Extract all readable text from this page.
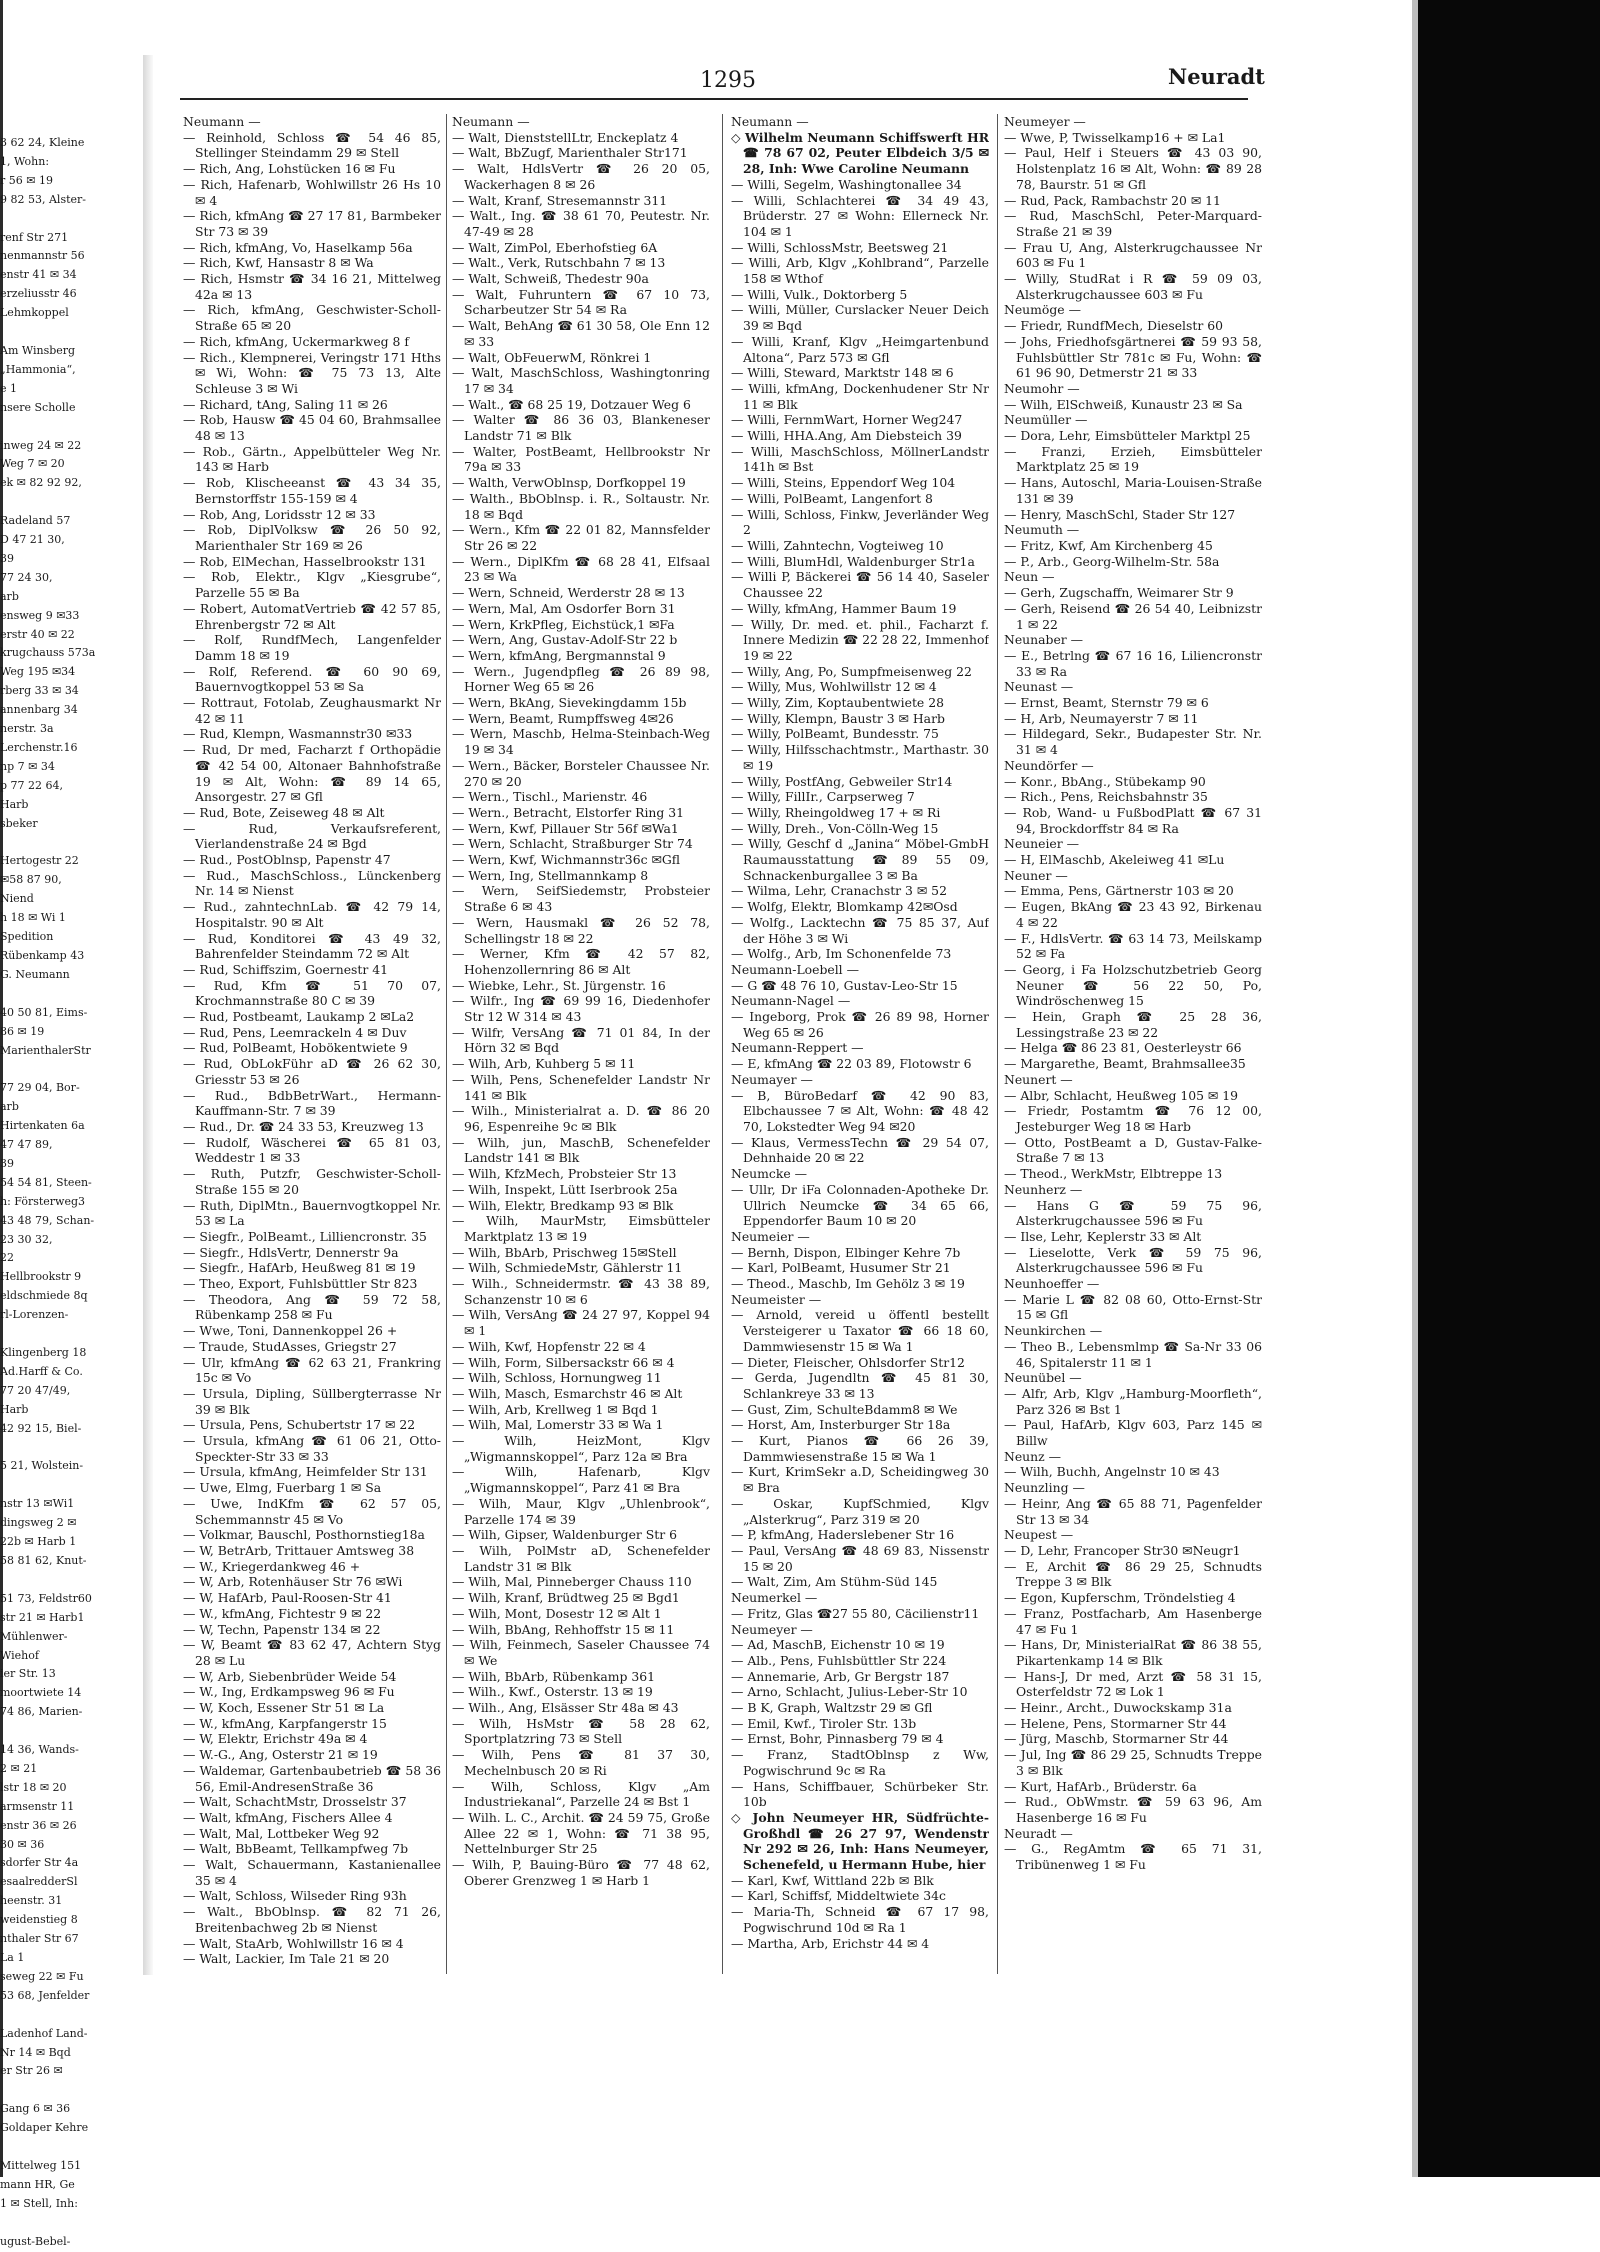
3 62 24, Kleine
1, Wohn:
r 56 ✉ 19
9 82 53, Alster-

renf Str 271
nenmannstr 56
enstr 41 ✉ 34
erzeliusstr 46
Lehmkoppel

Am Winsberg
„Hammonia“,
e 1
nsere Scholle

inweg 24 ✉ 22
Weg 7 ✉ 20
ek ✉ 82 92 92,

Radeland 57
D 47 21 30,
39
77 24 30,
arb
ensweg 9 ✉33
erstr 40 ✉ 22
krugchauss 573a
Weg 195 ✉34
rberg 33 ✉ 34
annenbarg 34
nerstr. 3a
Lerchenstr.16
np 7 ✉ 34
p 77 22 64,
Harb
sbeker

Hertogestr 22
✉58 87 90,
Niend
h 18 ✉ Wi 1
Spedition
Rübenkamp 43
G. Neumann

40 50 81, Eims-
86 ✉ 19
MarienthalerStr

77 29 04, Bor-
arb
Hirtenkaten 6a
47 47 89,
39
54 54 81, Steen-
h: Försterweg3
43 48 79, Schan-
23 30 32,
22
Hellbrookstr 9
eldschmiede 8q
rl-Lorenzen-

Klingenberg 18
Ad.Harff & Co.
77 20 47/49,
Harb
42 92 15, Biel-

5 21, Wolstein-

nstr 13 ✉Wi1
dingsweg 2 ✉
22b ✉ Harb 1
58 81 62, Knut-

51 73, Feldstr60
str 21 ✉ Harb1
Mühlenwer-
Wiehof
ier Str. 13
moortwiete 14
74 86, Marien-

14 36, Wands-
2 ✉ 21
lstr 18 ✉ 20
armsenstr 11
enstr 36 ✉ 26
30 ✉ 36
sdorfer Str 4a
esaalredderSl
heenstr. 31
weidenstieg 8
nthaler Str 67
La 1
seweg 22 ✉ Fu
53 68, Jenfelder

Ladenhof Land-
Nr 14 ✉ Bqd
er Str 26 ✉

Gang 6 ✉ 36
Goldaper Kehre

Mittelweg 151
mann HR, Ge
1 ✉ Stell, Inh:

ugust-Bebel-
1295	Neuradt
Neumann —
— Reinhold, Schloss ☎ 54 46 85, Stellinger Steindamm 29 ✉ Stell
— Rich, Ang, Lohstücken 16 ✉ Fu
— Rich, Hafenarb, Wohlwillstr 26 Hs 10 ✉ 4
— Rich, kfmAng ☎ 27 17 81, Barmbeker Str 73 ✉ 39
— Rich, kfmAng, Vo, Haselkamp 56a
— Rich, Kwf, Hansastr 8 ✉ Wa
— Rich, Hsmstr ☎ 34 16 21, Mittelweg 42a ✉ 13
— Rich, kfmAng, Geschwister-Scholl-Straße 65 ✉ 20
— Rich, kfmAng, Uckermarkweg 8 f
— Rich., Klempnerei, Veringstr 171 Hths ✉ Wi, Wohn: ☎ 75 73 13, Alte Schleuse 3 ✉ Wi
— Richard, tAng, Saling 11 ✉ 26
— Rob, Hausw ☎ 45 04 60, Brahmsallee 48 ✉ 13
— Rob., Gärtn., Appelbütteler Weg Nr. 143 ✉ Harb
— Rob, Klischeeanst ☎ 43 34 35, Bernstorffstr 155-159 ✉ 4
— Rob, Ang, Loridsstr 12 ✉ 33
— Rob, DiplVolksw ☎ 26 50 92, Marienthaler Str 169 ✉ 26
— Rob, ElMechan, Hasselbrookstr 131
— Rob, Elektr., Klgv „Kiesgrube“, Parzelle 55 ✉ Ba
— Robert, AutomatVertrieb ☎ 42 57 85, Ehrenbergstr 72 ✉ Alt
— Rolf, RundfMech, Langenfelder Damm 18 ✉ 19
— Rolf, Referend. ☎ 60 90 69, Bauernvogtkoppel 53 ✉ Sa
— Rottraut, Fotolab, Zeughausmarkt Nr 42 ✉ 11
— Rud, Klempn, Wasmannstr30 ✉33
— Rud, Dr med, Facharzt f Orthopädie ☎ 42 54 00, Altonaer Bahnhofstraße 19 ✉ Alt, Wohn: ☎ 89 14 65, Ansorgestr. 27 ✉ Gfl
— Rud, Bote, Zeiseweg 48 ✉ Alt
— Rud, Verkaufsreferent, Vierlandenstraße 24 ✉ Bgd
— Rud., PostOblnsp, Papenstr 47
— Rud., MaschSchloss., Lünckenberg Nr. 14 ✉ Nienst
— Rud., zahntechnLab. ☎ 42 79 14, Hospitalstr. 90 ✉ Alt
— Rud, Konditorei ☎ 43 49 32, Bahrenfelder Steindamm 72 ✉ Alt
— Rud, Schiffszim, Goernestr 41
— Rud, Kfm ☎ 51 70 07, Krochmannstraße 80 C ✉ 39
— Rud, Postbeamt, Laukamp 2 ✉La2
— Rud, Pens, Leemrackeln 4 ✉ Duv
— Rud, PolBeamt, Hobökentwiete 9
— Rud, ObLokFühr aD ☎ 26 62 30, Griesstr 53 ✉ 26
— Rud., BdbBetrWart., Hermann-Kauffmann-Str. 7 ✉ 39
— Rud., Dr. ☎ 24 33 53, Kreuzweg 13
— Rudolf, Wäscherei ☎ 65 81 03, Weddestr 1 ✉ 33
— Ruth, Putzfr, Geschwister-Scholl-Straße 155 ✉ 20
— Ruth, DiplMtn., Bauernvogtkoppel Nr. 53 ✉ La
— Siegfr., PolBeamt., Lilliencronstr. 35
— Siegfr., HdlsVertr, Dennerstr 9a
— Siegfr., HafArb, Heußweg 81 ✉ 19
— Theo, Export, Fuhlsbüttler Str 823
— Theodora, Ang ☎ 59 72 58, Rübenkamp 258 ✉ Fu
— Wwe, Toni, Dannenkoppel 26 +
— Traude, StudAsses, Griegstr 27
— Ulr, kfmAng ☎ 62 63 21, Frankring 15c ✉ Vo
— Ursula, Dipling, Süllbergterrasse Nr 39 ✉ Blk
— Ursula, Pens, Schubertstr 17 ✉ 22
— Ursula, kfmAng ☎ 61 06 21, Otto-Speckter-Str 33 ✉ 33
— Ursula, kfmAng, Heimfelder Str 131
— Uwe, Elmg, Fuerbarg 1 ✉ Sa
— Uwe, IndKfm ☎ 62 57 05, Schemmannstr 45 ✉ Vo
— Volkmar, Bauschl, Posthornstieg18a
— W, BetrArb, Trittauer Amtsweg 38
— W., Kriegerdankweg 46 +
— W, Arb, Rotenhäuser Str 76 ✉Wi
— W, HafArb, Paul-Roosen-Str 41
— W., kfmAng, Fichtestr 9 ✉ 22
— W, Techn, Papenstr 134 ✉ 22
— W, Beamt ☎ 83 62 47, Achtern Styg 28 ✉ Lu
— W, Arb, Siebenbrüder Weide 54
— W., Ing, Erdkampsweg 96 ✉ Fu
— W, Koch, Essener Str 51 ✉ La
— W., kfmAng, Karpfangerstr 15
— W, Elektr, Erichstr 49a ✉ 4
— W.-G., Ang, Osterstr 21 ✉ 19
— Waldemar, Gartenbaubetrieb ☎ 58 36 56, Emil-AndresenStraße 36
— Walt, SchachtMstr, Drosselstr 37
— Walt, kfmAng, Fischers Allee 4
— Walt, Mal, Lottbeker Weg 92
— Walt, BbBeamt, Tellkampfweg 7b
— Walt, Schauermann, Kastanienallee 35 ✉ 4
— Walt, Schloss, Wilseder Ring 93h
— Walt., BbOblnsp. ☎ 82 71 26, Breitenbachweg 2b ✉ Nienst
— Walt, StaArb, Wohlwillstr 16 ✉ 4
— Walt, Lackier, Im Tale 21 ✉ 20
Neumann —
— Walt, DienststellLtr, Enckeplatz 4
— Walt, BbZugf, Marienthaler Str171
— Walt, HdlsVertr ☎ 26 20 05, Wackerhagen 8 ✉ 26
— Walt, Kranf, Stresemannstr 311
— Walt., Ing. ☎ 38 61 70, Peutestr. Nr. 47-49 ✉ 28
— Walt, ZimPol, Eberhofstieg 6A
— Walt., Verk, Rutschbahn 7 ✉ 13
— Walt, Schweiß, Thedestr 90a
— Walt, Fuhruntern ☎ 67 10 73, Scharbeutzer Str 54 ✉ Ra
— Walt, BehAng ☎ 61 30 58, Ole Enn 12 ✉ 33
— Walt, ObFeuerwM, Rönkrei 1
— Walt, MaschSchloss, Washingtonring 17 ✉ 34
— Walt., ☎ 68 25 19, Dotzauer Weg 6
— Walter ☎ 86 36 03, Blankeneser Landstr 71 ✉ Blk
— Walter, PostBeamt, Hellbrookstr Nr 79a ✉ 33
— Walth, VerwOblnsp, Dorfkoppel 19
— Walth., BbOblnsp. i. R., Soltaustr. Nr. 18 ✉ Bqd
— Wern., Kfm ☎ 22 01 82, Mannsfelder Str 26 ✉ 22
— Wern., DiplKfm ☎ 68 28 41, Elfsaal 23 ✉ Wa
— Wern, Schneid, Werderstr 28 ✉ 13
— Wern, Mal, Am Osdorfer Born 31
— Wern, KrkPfleg, Eichstück,1 ✉Fa
— Wern, Ang, Gustav-Adolf-Str 22 b
— Wern, kfmAng, Bergmannstal 9
— Wern., Jugendpfleg ☎ 26 89 98, Horner Weg 65 ✉ 26
— Wern, BkAng, Sievekingdamm 15b
— Wern, Beamt, Rumpffsweg 4✉26
— Wern, Maschb, Helma-Steinbach-Weg 19 ✉ 34
— Wern., Bäcker, Borsteler Chaussee Nr. 270 ✉ 20
— Wern., Tischl., Marienstr. 46
— Wern., Betracht, Elstorfer Ring 31
— Wern, Kwf, Pillauer Str 56f ✉Wa1
— Wern, Schlacht, Straßburger Str 74
— Wern, Kwf, Wichmannstr36c ✉Gfl
— Wern, Ing, Stellmannkamp 8
— Wern, SeifSiedemstr, Probsteier Straße 6 ✉ 43
— Wern, Hausmakl ☎ 26 52 78, Schellingstr 18 ✉ 22
— Werner, Kfm ☎ 42 57 82, Hohenzollernring 86 ✉ Alt
— Wiebke, Lehr., St. Jürgenstr. 16
— Wilfr., Ing ☎ 69 99 16, Diedenhofer Str 12 W 314 ✉ 43
— Wilfr, VersAng ☎ 71 01 84, In der Hörn 32 ✉ Bqd
— Wilh, Arb, Kuhberg 5 ✉ 11
— Wilh, Pens, Schenefelder Landstr Nr 141 ✉ Blk
— Wilh., Ministerialrat a. D. ☎ 86 20 96, Espenreihe 9c ✉ Blk
— Wilh, jun, MaschB, Schenefelder Landstr 141 ✉ Blk
— Wilh, KfzMech, Probsteier Str 13
— Wilh, Inspekt, Lütt Iserbrook 25a
— Wilh, Elektr, Bredkamp 93 ✉ Blk
— Wilh, MaurMstr, Eimsbütteler Marktplatz 13 ✉ 19
— Wilh, BbArb, Prischweg 15✉Stell
— Wilh, SchmiedeMstr, Gählerstr 11
— Wilh., Schneidermstr. ☎ 43 38 89, Schanzenstr 10 ✉ 6
— Wilh, VersAng ☎ 24 27 97, Koppel 94 ✉ 1
— Wilh, Kwf, Hopfenstr 22 ✉ 4
— Wilh, Form, Silbersackstr 66 ✉ 4
— Wilh, Schloss, Hornungweg 11
— Wilh, Masch, Esmarchstr 46 ✉ Alt
— Wilh, Arb, Krellweg 1 ✉ Bqd 1
— Wilh, Mal, Lomerstr 33 ✉ Wa 1
— Wilh, HeizMont, Klgv „Wigmannskoppel“, Parz 12a ✉ Bra
— Wilh, Hafenarb, Klgv „Wigmannskoppel“, Parz 41 ✉ Bra
— Wilh, Maur, Klgv „Uhlenbrook“, Parzelle 174 ✉ 39
— Wilh, Gipser, Waldenburger Str 6
— Wilh, PolMstr aD, Schenefelder Landstr 31 ✉ Blk
— Wilh, Mal, Pinneberger Chauss 110
— Wilh, Kranf, Brüdtweg 25 ✉ Bgd1
— Wilh, Mont, Dosestr 12 ✉ Alt 1
— Wilh, BbAng, Rehhoffstr 15 ✉ 11
— Wilh, Feinmech, Saseler Chaussee 74 ✉ We
— Wilh, BbArb, Rübenkamp 361
— Wilh., Kwf., Osterstr. 13 ✉ 19
— Wilh., Ang, Elsässer Str 48a ✉ 43
— Wilh, HsMstr ☎ 58 28 62, Sportplatzring 73 ✉ Stell
— Wilh, Pens ☎ 81 37 30, Mechelnbusch 20 ✉ Ri
— Wilh, Schloss, Klgv „Am Industriekanal“, Parzelle 24 ✉ Bst 1
— Wilh. L. C., Archit. ☎ 24 59 75, Große Allee 22 ✉ 1, Wohn: ☎ 71 38 95, Nettelnburger Str 25
— Wilh, P, Bauing-Büro ☎ 77 48 62, Oberer Grenzweg 1 ✉ Harb 1
Neumann —
◇ Wilhelm Neumann Schiffswerft HR ☎ 78 67 02, Peuter Elbdeich 3/5 ✉ 28, Inh: Wwe Caroline Neumann
— Willi, Segelm, Washingtonallee 34
— Willi, Schlachterei ☎ 34 49 43, Brüderstr. 27 ✉ Wohn: Ellerneck Nr. 104 ✉ 1
— Willi, SchlossMstr, Beetsweg 21
— Willi, Arb, Klgv „Kohlbrand“, Parzelle 158 ✉ Wthof
— Willi, Vulk., Doktorberg 5
— Willi, Müller, Curslacker Neuer Deich 39 ✉ Bqd
— Willi, Kranf, Klgv „Heimgartenbund Altona“, Parz 573 ✉ Gfl
— Willi, Steward, Marktstr 148 ✉ 6
— Willi, kfmAng, Dockenhudener Str Nr 11 ✉ Blk
— Willi, FernmWart, Horner Weg247
— Willi, HHA.Ang, Am Diebsteich 39
— Willi, MaschSchloss, MöllnerLandstr 141h ✉ Bst
— Willi, Steins, Eppendorf Weg 104
— Willi, PolBeamt, Langenfort 8
— Willi, Schloss, Finkw, Jeverländer Weg 2
— Willi, Zahntechn, Vogteiweg 10
— Willi, BlumHdl, Waldenburger Str1a
— Willi P, Bäckerei ☎ 56 14 40, Saseler Chaussee 22
— Willy, kfmAng, Hammer Baum 19
— Willy, Dr. med. et. phil., Facharzt f. Innere Medizin ☎ 22 28 22, Immenhof 19 ✉ 22
— Willy, Ang, Po, Sumpfmeisenweg 22
— Willy, Mus, Wohlwillstr 12 ✉ 4
— Willy, Zim, Koptaubentwiete 28
— Willy, Klempn, Baustr 3 ✉ Harb
— Willy, PolBeamt, Bundesstr. 75
— Willy, Hilfsschachtmstr., Marthastr. 30 ✉ 19
— Willy, PostfAng, Gebweiler Str14
— Willy, FillIr., Carpserweg 7
— Willy, Rheingoldweg 17 + ✉ Ri
— Willy, Dreh., Von-Cölln-Weg 15
— Willy, Geschf d „Janina“ Möbel-GmbH Raumausstattung ☎89 55 09, Schnackenburgallee 3 ✉ Ba
— Wilma, Lehr, Cranachstr 3 ✉ 52
— Wolfg, Elektr, Blomkamp 42✉Osd
— Wolfg., Lacktechn ☎ 75 85 37, Auf der Höhe 3 ✉ Wi
— Wolfg., Arb, Im Schonenfelde 73
Neumann-Loebell —
— G ☎ 48 76 10, Gustav-Leo-Str 15
Neumann-Nagel —
— Ingeborg, Prok ☎ 26 89 98, Horner Weg 65 ✉ 26
Neumann-Reppert —
— E, kfmAng ☎ 22 03 89, Flotowstr 6
Neumayer —
— B, BüroBedarf ☎ 42 90 83, Elbchaussee 7 ✉ Alt, Wohn: ☎ 48 42 70, Lokstedter Weg 94 ✉20
— Klaus, VermessTechn ☎ 29 54 07, Dehnhaide 20 ✉ 22
Neumcke —
— Ullr, Dr iFa Colonnaden-Apotheke Dr. Ullrich Neumcke ☎ 34 65 66, Eppendorfer Baum 10 ✉ 20
Neumeier —
— Bernh, Dispon, Elbinger Kehre 7b
— Karl, PolBeamt, Husumer Str 21
— Theod., Maschb, Im Gehölz 3 ✉ 19
Neumeister —
— Arnold, vereid u öffentl bestellt Versteigerer u Taxator ☎ 66 18 60, Dammwiesenstr 15 ✉ Wa 1
— Dieter, Fleischer, Ohlsdorfer Str12
— Gerda, Jugendltn ☎ 45 81 30, Schlankreye 33 ✉ 13
— Gust, Zim, SchulteBdamm8 ✉ We
— Horst, Am, Insterburger Str 18a
— Kurt, Pianos ☎ 66 26 39, Dammwiesenstraße 15 ✉ Wa 1
— Kurt, KrimSekr a.D, Scheidingweg 30 ✉ Bra
— Oskar, KupfSchmied, Klgv „Alsterkrug“, Parz 319 ✉ 20
— P, kfmAng, Haderslebener Str 16
— Paul, VersAng ☎ 48 69 83, Nissenstr 15 ✉ 20
— Walt, Zim, Am Stühm-Süd 145
Neumerkel —
— Fritz, Glas ☎27 55 80, Cäcilienstr11
Neumeyer —
— Ad, MaschB, Eichenstr 10 ✉ 19
— Alb., Pens, Fuhlsbüttler Str 224
— Annemarie, Arb, Gr Bergstr 187
— Arno, Schlacht, Julius-Leber-Str 10
— B K, Graph, Waltzstr 29 ✉ Gfl
— Emil, Kwf., Tiroler Str. 13b
— Ernst, Bohr, Pinnasberg 79 ✉ 4
— Franz, StadtOblnsp z Ww, Pogwischrund 9c ✉ Ra
— Hans, Schiffbauer, Schürbeker Str. 10b
◇ John Neumeyer HR, Südfrüchte-Großhdl ☎ 26 27 97, Wendenstr Nr 292 ✉ 26, Inh: Hans Neumeyer, Schenefeld, u Hermann Hube, hier
— Karl, Kwf, Wittland 22b ✉ Blk
— Karl, Schiffsf, Middeltwiete 34c
— Maria-Th, Schneid ☎ 67 17 98, Pogwischrund 10d ✉ Ra 1
— Martha, Arb, Erichstr 44 ✉ 4
Neumeyer —
— Wwe, P, Twisselkamp16 + ✉ La1
— Paul, Helf i Steuers ☎ 43 03 90, Holstenplatz 16 ✉ Alt, Wohn: ☎ 89 28 78, Baurstr. 51 ✉ Gfl
— Rud, Pack, Rambachstr 20 ✉ 11
— Rud, MaschSchl, Peter-Marquard-Straße 21 ✉ 39
— Frau U, Ang, Alsterkrugchaussee Nr 603 ✉ Fu 1
— Willy, StudRat i R ☎ 59 09 03, Alsterkrugchaussee 603 ✉ Fu
Neumöge —
— Friedr, RundfMech, Dieselstr 60
— Johs, Friedhofsgärtnerei ☎ 59 93 58, Fuhlsbüttler Str 781c ✉ Fu, Wohn: ☎ 61 96 90, Detmerstr 21 ✉ 33
Neumohr —
— Wilh, ElSchweiß, Kunaustr 23 ✉ Sa
Neumüller —
— Dora, Lehr, Eimsbütteler Marktpl 25
— Franzi, Erzieh, Eimsbütteler Marktplatz 25 ✉ 19
— Hans, Autoschl, Maria-Louisen-Straße 131 ✉ 39
— Henry, MaschSchl, Stader Str 127
Neumuth —
— Fritz, Kwf, Am Kirchenberg 45
— P., Arb., Georg-Wilhelm-Str. 58a
Neun —
— Gerh, Zugschaffn, Weimarer Str 9
— Gerh, Reisend ☎ 26 54 40, Leibnizstr 1 ✉ 22
Neunaber —
— E., Betrlng ☎ 67 16 16, Liliencronstr 33 ✉ Ra
Neunast —
— Ernst, Beamt, Sternstr 79 ✉ 6
— H, Arb, Neumayerstr 7 ✉ 11
— Hildegard, Sekr., Budapester Str. Nr. 31 ✉ 4
Neundörfer —
— Konr., BbAng., Stübekamp 90
— Rich., Pens, Reichsbahnstr 35
— Rob, Wand- u FußbodPlatt ☎ 67 31 94, Brockdorffstr 84 ✉ Ra
Neuneier —
— H, ElMaschb, Akeleiweg 41 ✉Lu
Neuner —
— Emma, Pens, Gärtnerstr 103 ✉ 20
— Eugen, BkAng ☎ 23 43 92, Birkenau 4 ✉ 22
— F., HdlsVertr. ☎ 63 14 73, Meilskamp 52 ✉ Fa
— Georg, i Fa Holzschutzbetrieb Georg Neuner ☎ 56 22 50, Po, Windröschenweg 15
— Hein, Graph ☎ 25 28 36, Lessingstraße 23 ✉ 22
— Helga ☎ 86 23 81, Oesterleystr 66
— Margarethe, Beamt, Brahmsallee35
Neunert —
— Albr, Schlacht, Heußweg 105 ✉ 19
— Friedr, Postamtm ☎ 76 12 00, Jesteburger Weg 18 ✉ Harb
— Otto, PostBeamt a D, Gustav-Falke-Straße 7 ✉ 13
— Theod., WerkMstr, Elbtreppe 13
Neunherz —
— Hans G ☎ 59 75 96, Alsterkrugchaussee 596 ✉ Fu
— Ilse, Lehr, Keplerstr 33 ✉ Alt
— Lieselotte, Verk ☎ 59 75 96, Alsterkrugchaussee 596 ✉ Fu
Neunhoeffer —
— Marie L ☎ 82 08 60, Otto-Ernst-Str 15 ✉ Gfl
Neunkirchen —
— Theo B., Lebensmlmp ☎ Sa-Nr 33 06 46, Spitalerstr 11 ✉ 1
Neunübel —
— Alfr, Arb, Klgv „Hamburg-Moorfleth“, Parz 326 ✉ Bst 1
— Paul, HafArb, Klgv 603, Parz 145 ✉ Billw
Neunz —
— Wilh, Buchh, Angelnstr 10 ✉ 43
Neunzling —
— Heinr, Ang ☎ 65 88 71, Pagenfelder Str 13 ✉ 34
Neupest —
— D, Lehr, Francoper Str30 ✉Neugr1
— E, Archit ☎ 86 29 25, Schnudts Treppe 3 ✉ Blk
— Egon, Kupferschm, Tröndelstieg 4
— Franz, Postfacharb, Am Hasenberge 47 ✉ Fu 1
— Hans, Dr, MinisterialRat ☎ 86 38 55, Pikartenkamp 14 ✉ Blk
— Hans-J, Dr med, Arzt ☎ 58 31 15, Osterfeldstr 72 ✉ Lok 1
— Heinr., Archt., Duwockskamp 31a
— Helene, Pens, Stormarner Str 44
— Jürg, Maschb, Stormarner Str 44
— Jul, Ing ☎ 86 29 25, Schnudts Treppe 3 ✉ Blk
— Kurt, HafArb., Brüderstr. 6a
— Rud., ObWmstr. ☎ 59 63 96, Am Hasenberge 16 ✉ Fu
Neuradt —
— G., RegAmtm ☎ 65 71 31, Tribünenweg 1 ✉ Fu
